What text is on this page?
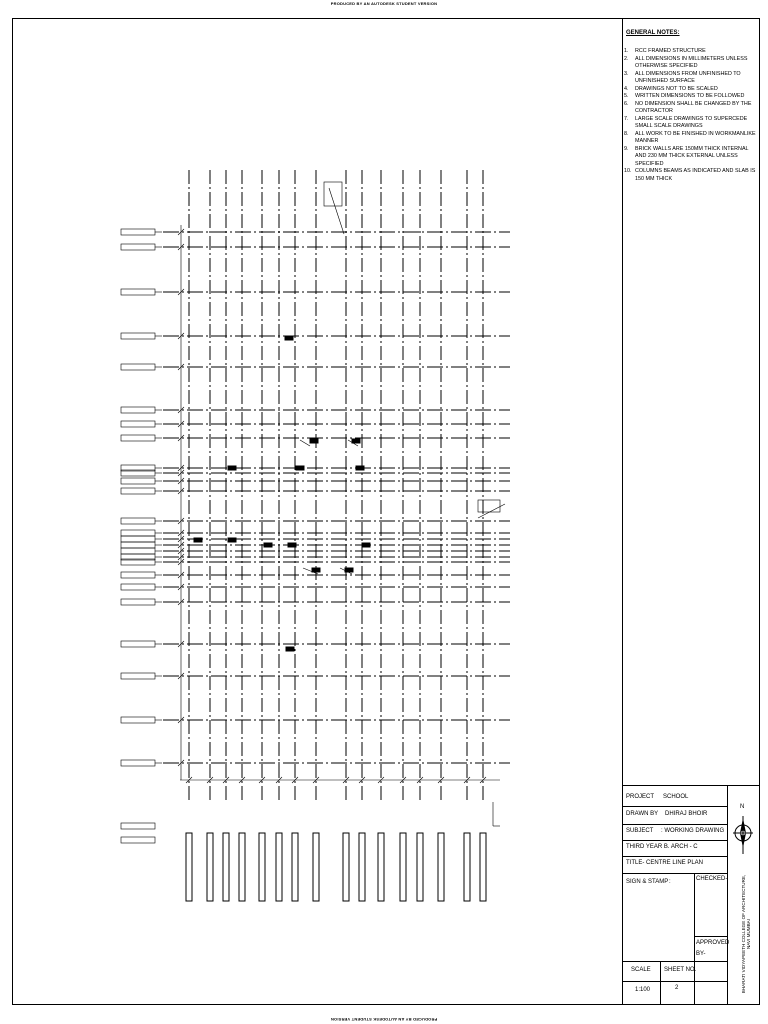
PRODUCED BY AN AUTODESK STUDENT VERSION
PRODUCED BY AN AUTODESK STUDENT VERSION
GENERAL NOTES:
1. RCC FRAMED STRUCTURE
2. ALL DIMENSIONS IN MILLIMETERS UNLESS OTHERWISE SPECIFIED
3. ALL DIMENSIONS FROM UNFINISHED TO UNFINISHED SURFACE
4. DRAWINGS NOT TO BE SCALED
5. WRITTEN DIMENSIONS TO BE FOLLOWED
6. NO DIMENSION SHALL BE CHANGED BY THE CONTRACTOR
7. LARGE SCALE DRAWINGS TO SUPERCEDE SMALL SCALE DRAWINGS
8. ALL WORK TO BE FINISHED IN WORKMANLIKE MANNER
9. BRICK WALLS ARE 150MM THICK INTERNAL AND 230 MM THICK EXTERNAL UNLESS SPECIFIED
10. COLUMNS BEAMS AS INDICATED AND SLAB IS 150 MM THICK
PROJECT SCHOOL
DRAWN BY DHIRAJ BHOIR
SUBJECT : WORKING DRAWING
THIRD YEAR B. ARCH - C
TITLE- CENTRE LINE PLAN
SIGN & STAMP :	CHECKED-
APPROVED
BY-
SCALE SHEET NO.
1:100	2
N
BHARATI VIDYAPEETH COLLEGE OF ARCHITECTURE, NAVI MUMBAI
